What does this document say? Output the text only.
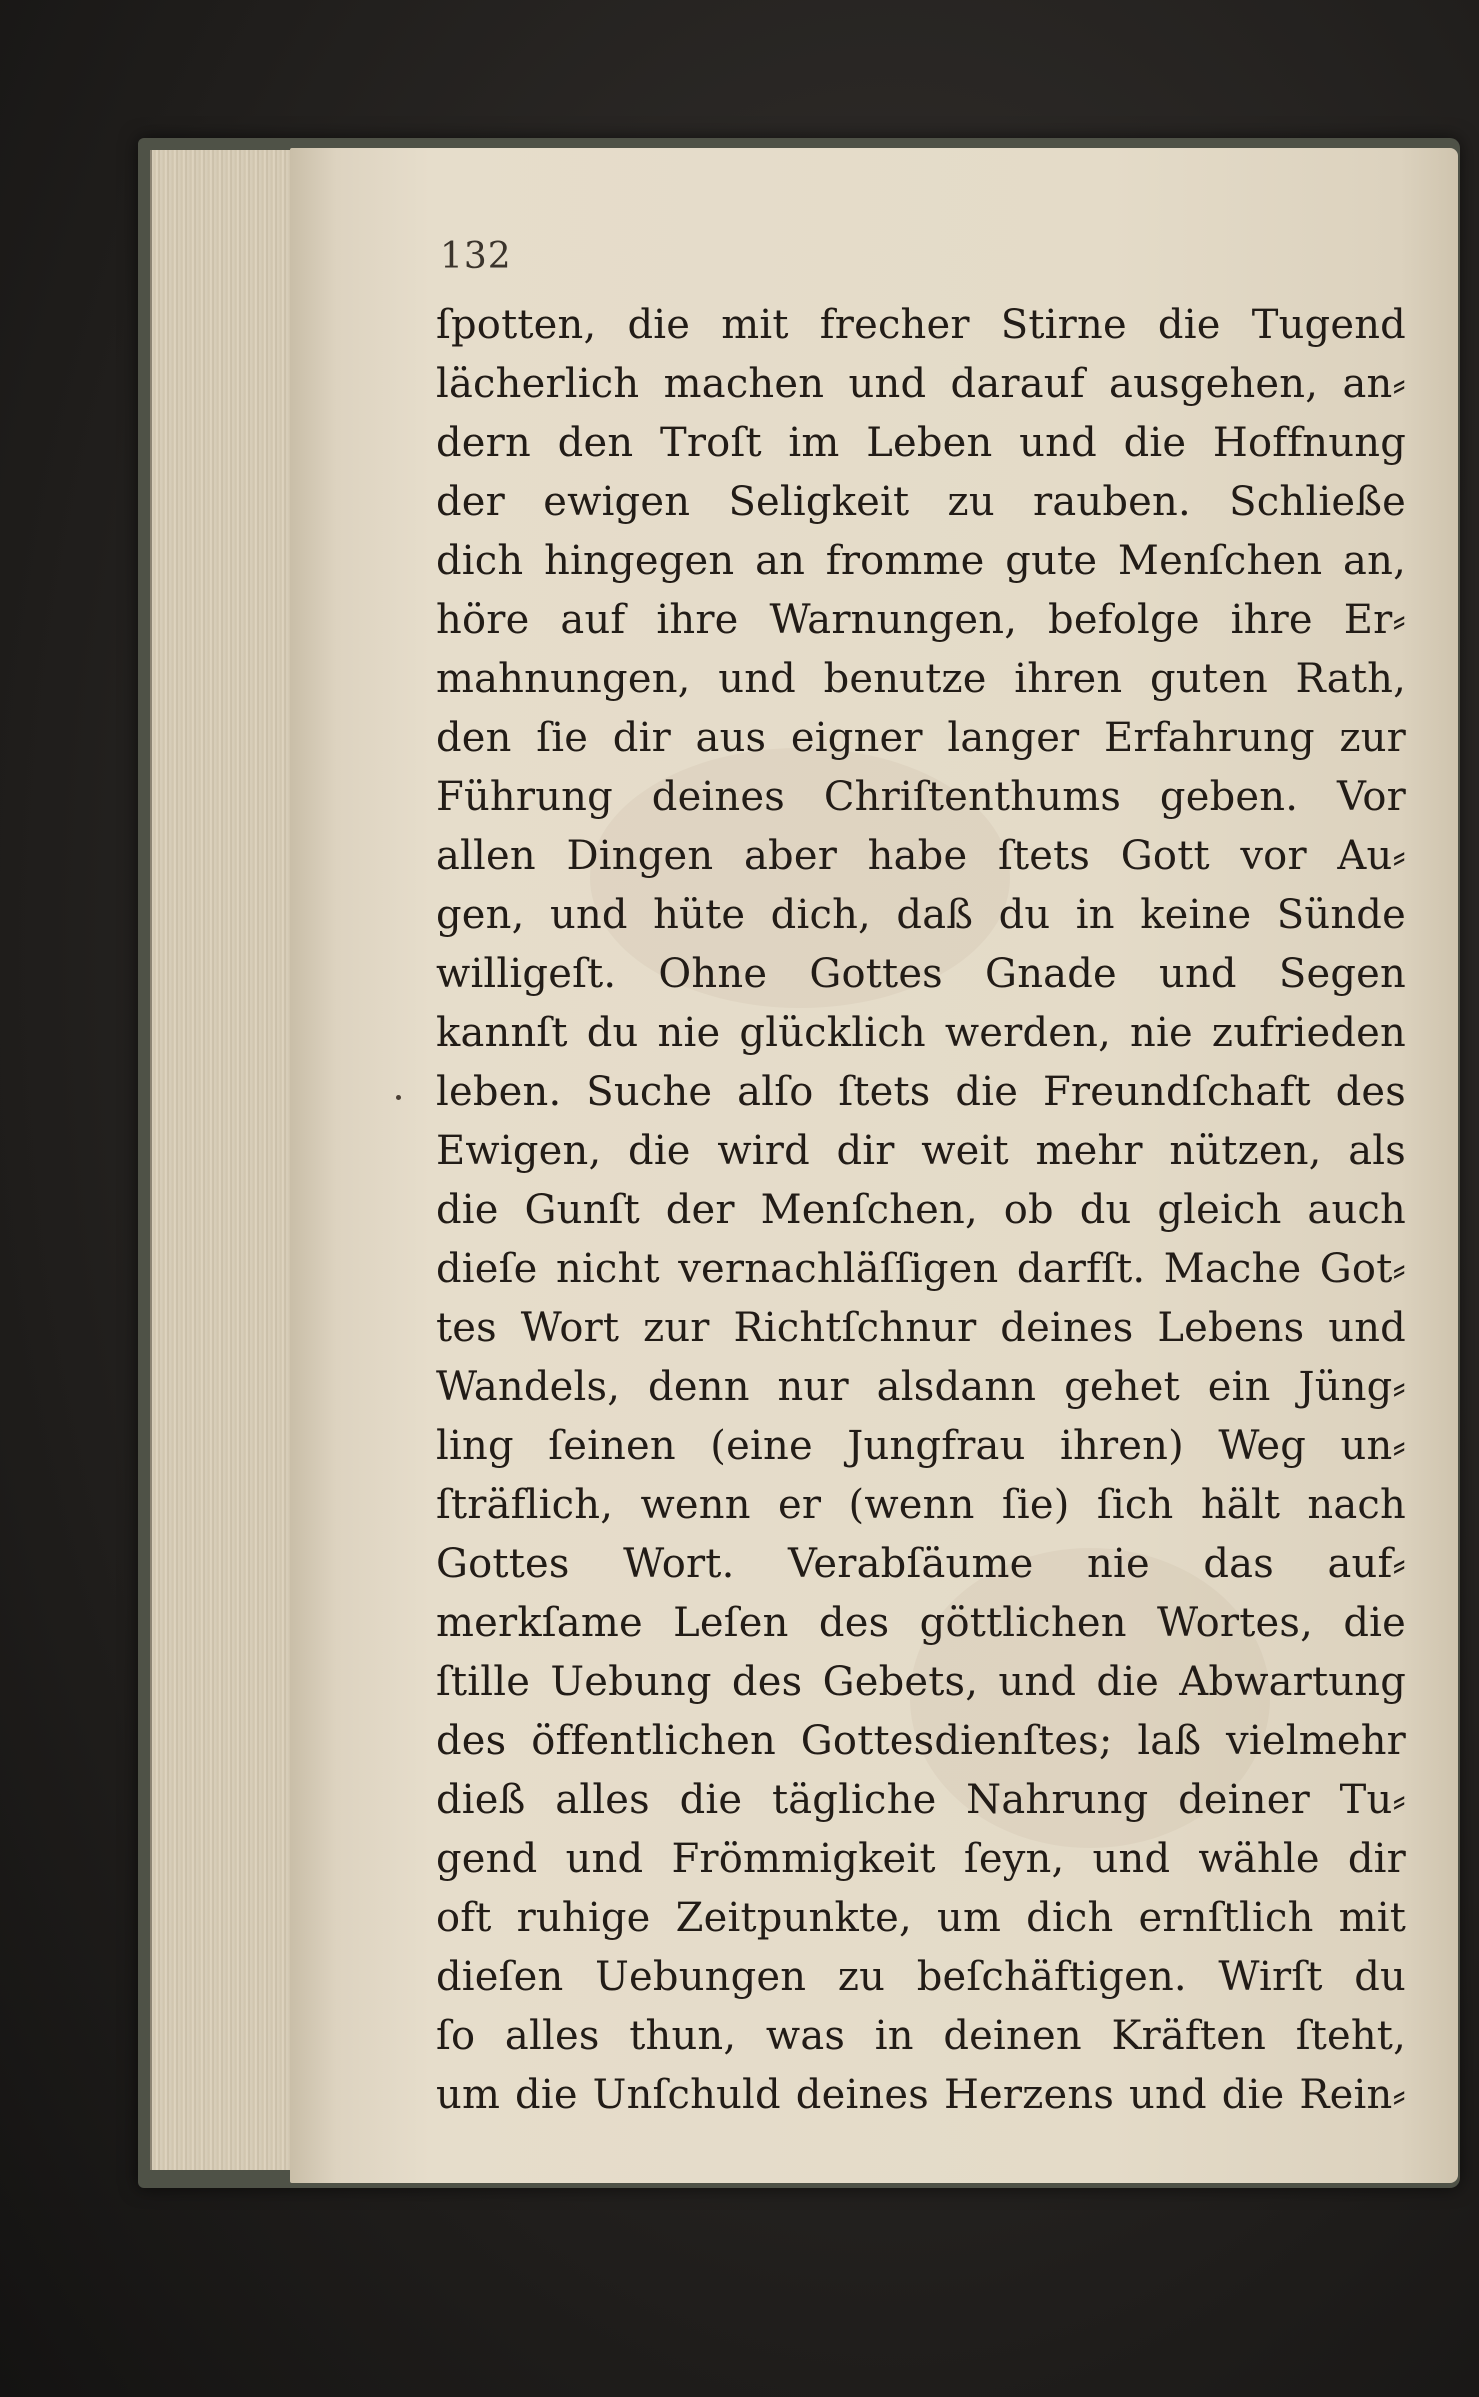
132
ſpotten, die mit frecher Stirne die Tugend
lächerlich machen und darauf ausgehen, an⸗
dern den Troſt im Leben und die Hoffnung
der ewigen Seligkeit zu rauben. Schließe
dich hingegen an fromme gute Menſchen an,
höre auf ihre Warnungen, befolge ihre Er⸗
mahnungen, und benutze ihren guten Rath,
den ſie dir aus eigner langer Erfahrung zur
Führung deines Chriſtenthums geben. Vor
allen Dingen aber habe ſtets Gott vor Au⸗
gen, und hüte dich, daß du in keine Sünde
willigeſt. Ohne Gottes Gnade und Segen
kannſt du nie glücklich werden, nie zufrieden
leben. Suche alſo ſtets die Freundſchaft des
Ewigen, die wird dir weit mehr nützen, als
die Gunſt der Menſchen, ob du gleich auch
dieſe nicht vernachläſſigen darfſt. Mache Got⸗
tes Wort zur Richtſchnur deines Lebens und
Wandels, denn nur alsdann gehet ein Jüng⸗
ling ſeinen (eine Jungfrau ihren) Weg un⸗
ſträflich, wenn er (wenn ſie) ſich hält nach
Gottes Wort. Verabſäume nie das auf⸗
merkſame Leſen des göttlichen Wortes, die
ſtille Uebung des Gebets, und die Abwartung
des öffentlichen Gottesdienſtes; laß vielmehr
dieß alles die tägliche Nahrung deiner Tu⸗
gend und Frömmigkeit ſeyn, und wähle dir
oft ruhige Zeitpunkte, um dich ernſtlich mit
dieſen Uebungen zu beſchäftigen. Wirſt du
ſo alles thun, was in deinen Kräften ſteht,
um die Unſchuld deines Herzens und die Rein⸗
